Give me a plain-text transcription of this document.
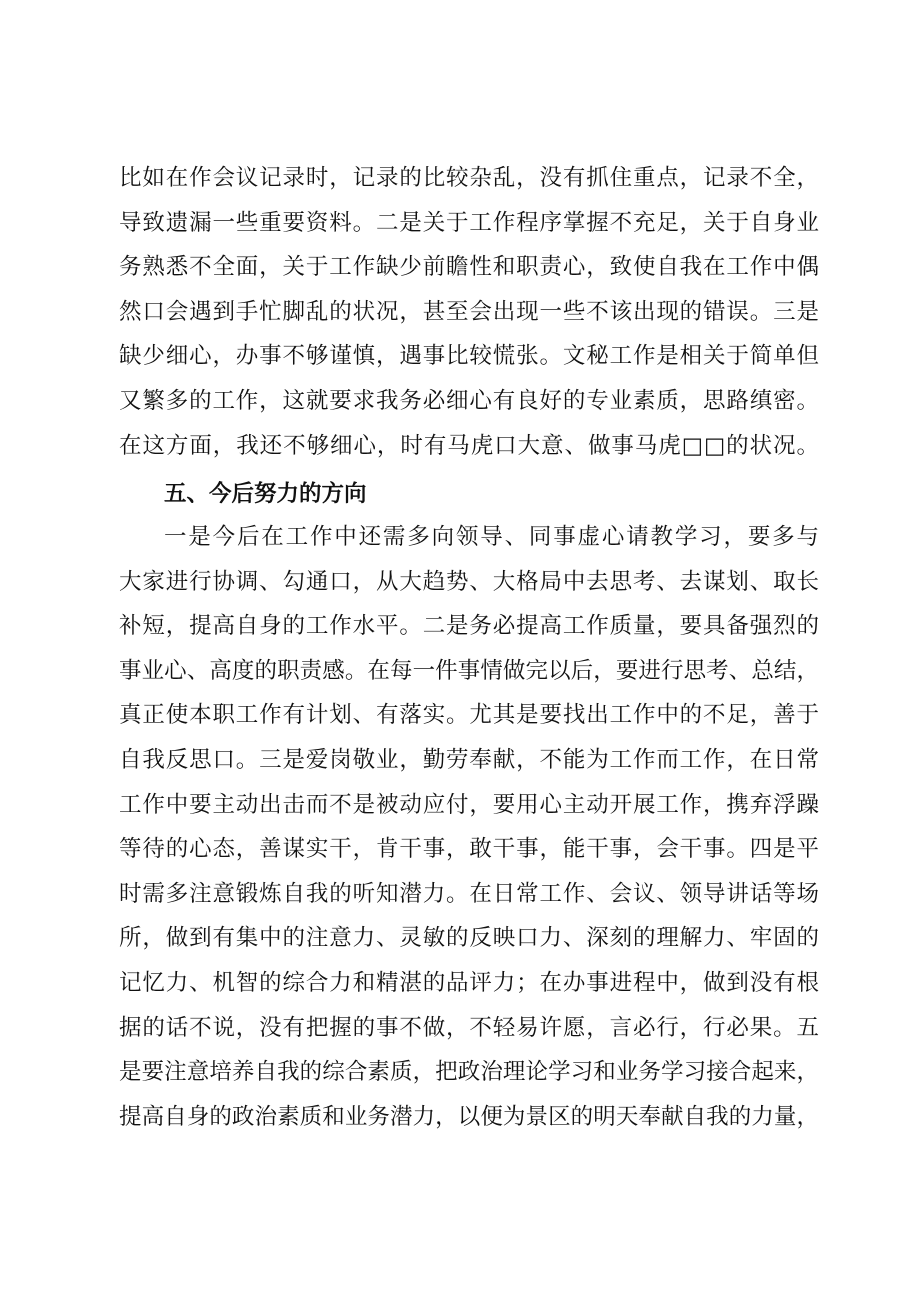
比如在作会议记录时，记录的比较杂乱，没有抓住重点，记录不全，
导致遗漏一些重要资料。二是关于工作程序掌握不充足，关于自身业
务熟悉不全面，关于工作缺少前瞻性和职责心，致使自我在工作中偶
然口会遇到手忙脚乱的状况，甚至会出现一些不该出现的错误。三是
缺少细心，办事不够谨慎，遇事比较慌张。文秘工作是相关于简单但
又繁多的工作，这就要求我务必细心有良好的专业素质，思路缜密。
在这方面，我还不够细心，时有马虎口大意、做事马虎□□的状况。
五、今后努力的方向
一是今后在工作中还需多向领导、同事虚心请教学习，要多与
大家进行协调、勾通口，从大趋势、大格局中去思考、去谋划、取长
补短，提高自身的工作水平。二是务必提高工作质量，要具备强烈的
事业心、高度的职责感。在每一件事情做完以后，要进行思考、总结，
真正使本职工作有计划、有落实。尤其是要找出工作中的不足，善于
自我反思口。三是爱岗敬业，勤劳奉献，不能为工作而工作，在日常
工作中要主动出击而不是被动应付，要用心主动开展工作，携弃浮躁
等待的心态，善谋实干，肯干事，敢干事，能干事，会干事。四是平
时需多注意锻炼自我的听知潜力。在日常工作、会议、领导讲话等场
所，做到有集中的注意力、灵敏的反映口力、深刻的理解力、牢固的
记忆力、机智的综合力和精湛的品评力；在办事进程中，做到没有根
据的话不说，没有把握的事不做，不轻易许愿，言必行，行必果。五
是要注意培养自我的综合素质，把政治理论学习和业务学习接合起来，
提高自身的政治素质和业务潜力，以便为景区的明天奉献自我的力量，
